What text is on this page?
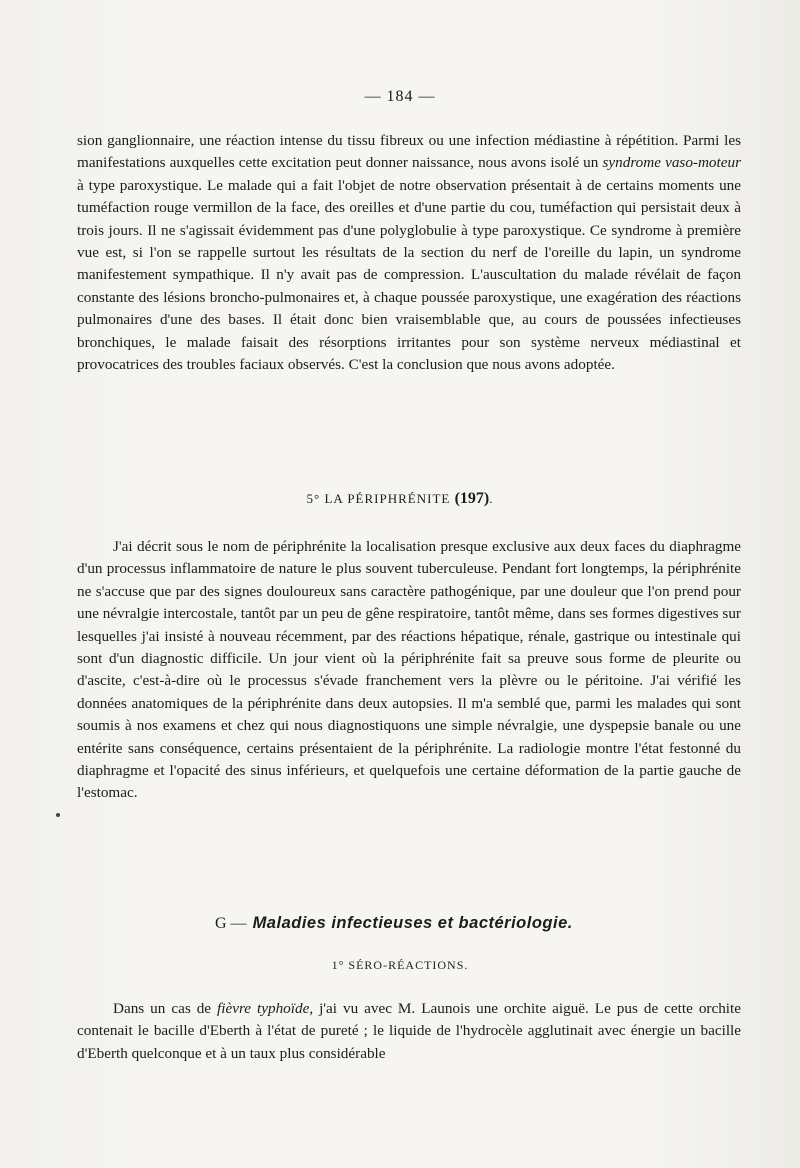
— 184 —

sion ganglionnaire, une réaction intense du tissu fibreux ou une infection médiastine à répétition. Parmi les manifestations auxquelles cette excitation peut donner naissance, nous avons isolé un syndrome vaso-moteur à type paroxystique. Le malade qui a fait l'objet de notre observation présentait à de certains moments une tuméfaction rouge vermillon de la face, des oreilles et d'une partie du cou, tuméfaction qui persistait deux à trois jours. Il ne s'agissait évidemment pas d'une polyglobulie à type paroxystique. Ce syndrome à première vue est, si l'on se rappelle surtout les résultats de la section du nerf de l'oreille du lapin, un syndrome manifestement sympathique. Il n'y avait pas de compression. L'auscultation du malade révélait de façon constante des lésions broncho-pulmonaires et, à chaque poussée paroxystique, une exagération des réactions pulmonaires d'une des bases. Il était donc bien vraisemblable que, au cours de poussées infectieuses bronchiques, le malade faisait des résorptions irritantes pour son système nerveux médiastinal et provocatrices des troubles faciaux observés. C'est la conclusion que nous avons adoptée.

5° LA PÉRIPHRÉNITE (197).

J'ai décrit sous le nom de périphrénite la localisation presque exclusive aux deux faces du diaphragme d'un processus inflammatoire de nature le plus souvent tuberculeuse. Pendant fort longtemps, la périphrénite ne s'accuse que par des signes douloureux sans caractère pathogénique, par une douleur que l'on prend pour une névralgie intercostale, tantôt par un peu de gêne respiratoire, tantôt même, dans ses formes digestives sur lesquelles j'ai insisté à nouveau récemment, par des réactions hépatique, rénale, gastrique ou intestinale qui sont d'un diagnostic difficile. Un jour vient où la périphrénite fait sa preuve sous forme de pleurite ou d'ascite, c'est-à-dire où le processus s'évade franchement vers la plèvre ou le péritoine. J'ai vérifié les données anatomiques de la périphrénite dans deux autopsies. Il m'a semblé que, parmi les malades qui sont soumis à nos examens et chez qui nous diagnostiquons une simple névralgie, une dyspepsie banale ou une entérite sans conséquence, certains présentaient de la périphrénite. La radiologie montre l'état festonné du diaphragme et l'opacité des sinus inférieurs, et quelquefois une certaine déformation de la partie gauche de l'estomac.

G — Maladies infectieuses et bactériologie.
1° SÉRO-RÉACTIONS.

Dans un cas de fièvre typhoïde, j'ai vu avec M. Launois une orchite aiguë. Le pus de cette orchite contenait le bacille d'Eberth à l'état de pureté ; le liquide de l'hydrocèle agglutinait avec énergie un bacille d'Eberth quelconque et à un taux plus considérable
